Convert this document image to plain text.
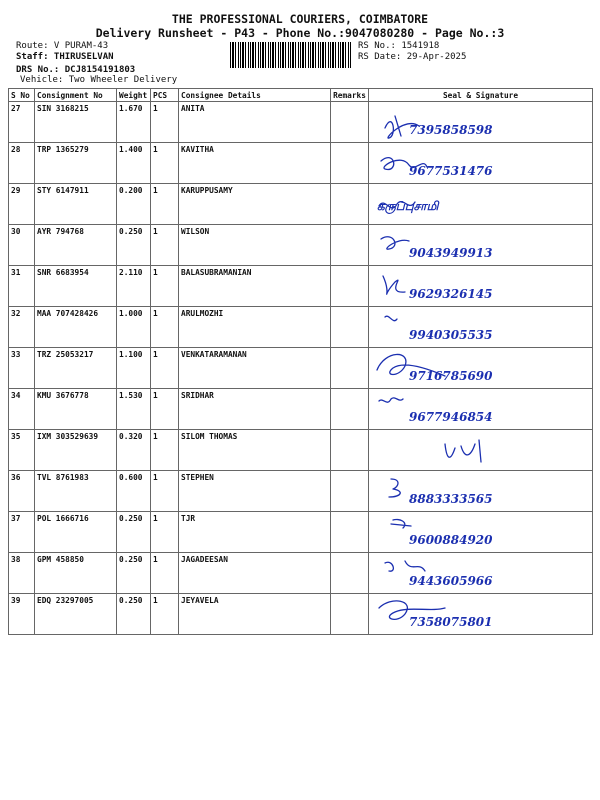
THE PROFESSIONAL COURIERS, COIMBATORE
Delivery Runsheet - P43 - Phone No.:9047080280 - Page No.:3
Route: V PURAM-43
Staff: THIRUSELVAN
DRS No.: DCJ8154191803
Vehicle: Two Wheeler Delivery
RS No.: 1541918
RS Date: 29-Apr-2025
S No	Consignment No	Weight	PCS	Consignee Details	Remarks	Seal & Signature
27	SIN 3168215	1.670	1	ANITA		7395858598

28	TRP 1365279	1.400	1	KAVITHA		9677531476

29	STY 6147911	0.200	1	KARUPPUSAMY		கருப்புசாமி

30	AYR 794768	0.250	1	WILSON		9043949913

31	SNR 6683954	2.110	1	BALASUBRAMANIAN		9629326145

32	MAA 707428426	1.000	1	ARULMOZHI		9940305535

33	TRZ 25053217	1.100	1	VENKATARAMANAN		9716785690

34	KMU 3676778	1.530	1	SRIDHAR		9677946854

35	IXM 303529639	0.320	1	SILOM THOMAS		

36	TVL 8761983	0.600	1	STEPHEN		8883333565

37	POL 1666716	0.250	1	TJR		9600884920

38	GPM 458850	0.250	1	JAGADEESAN		9443605966

39	EDQ 23297005	0.250	1	JEYAVELA		7358075801
